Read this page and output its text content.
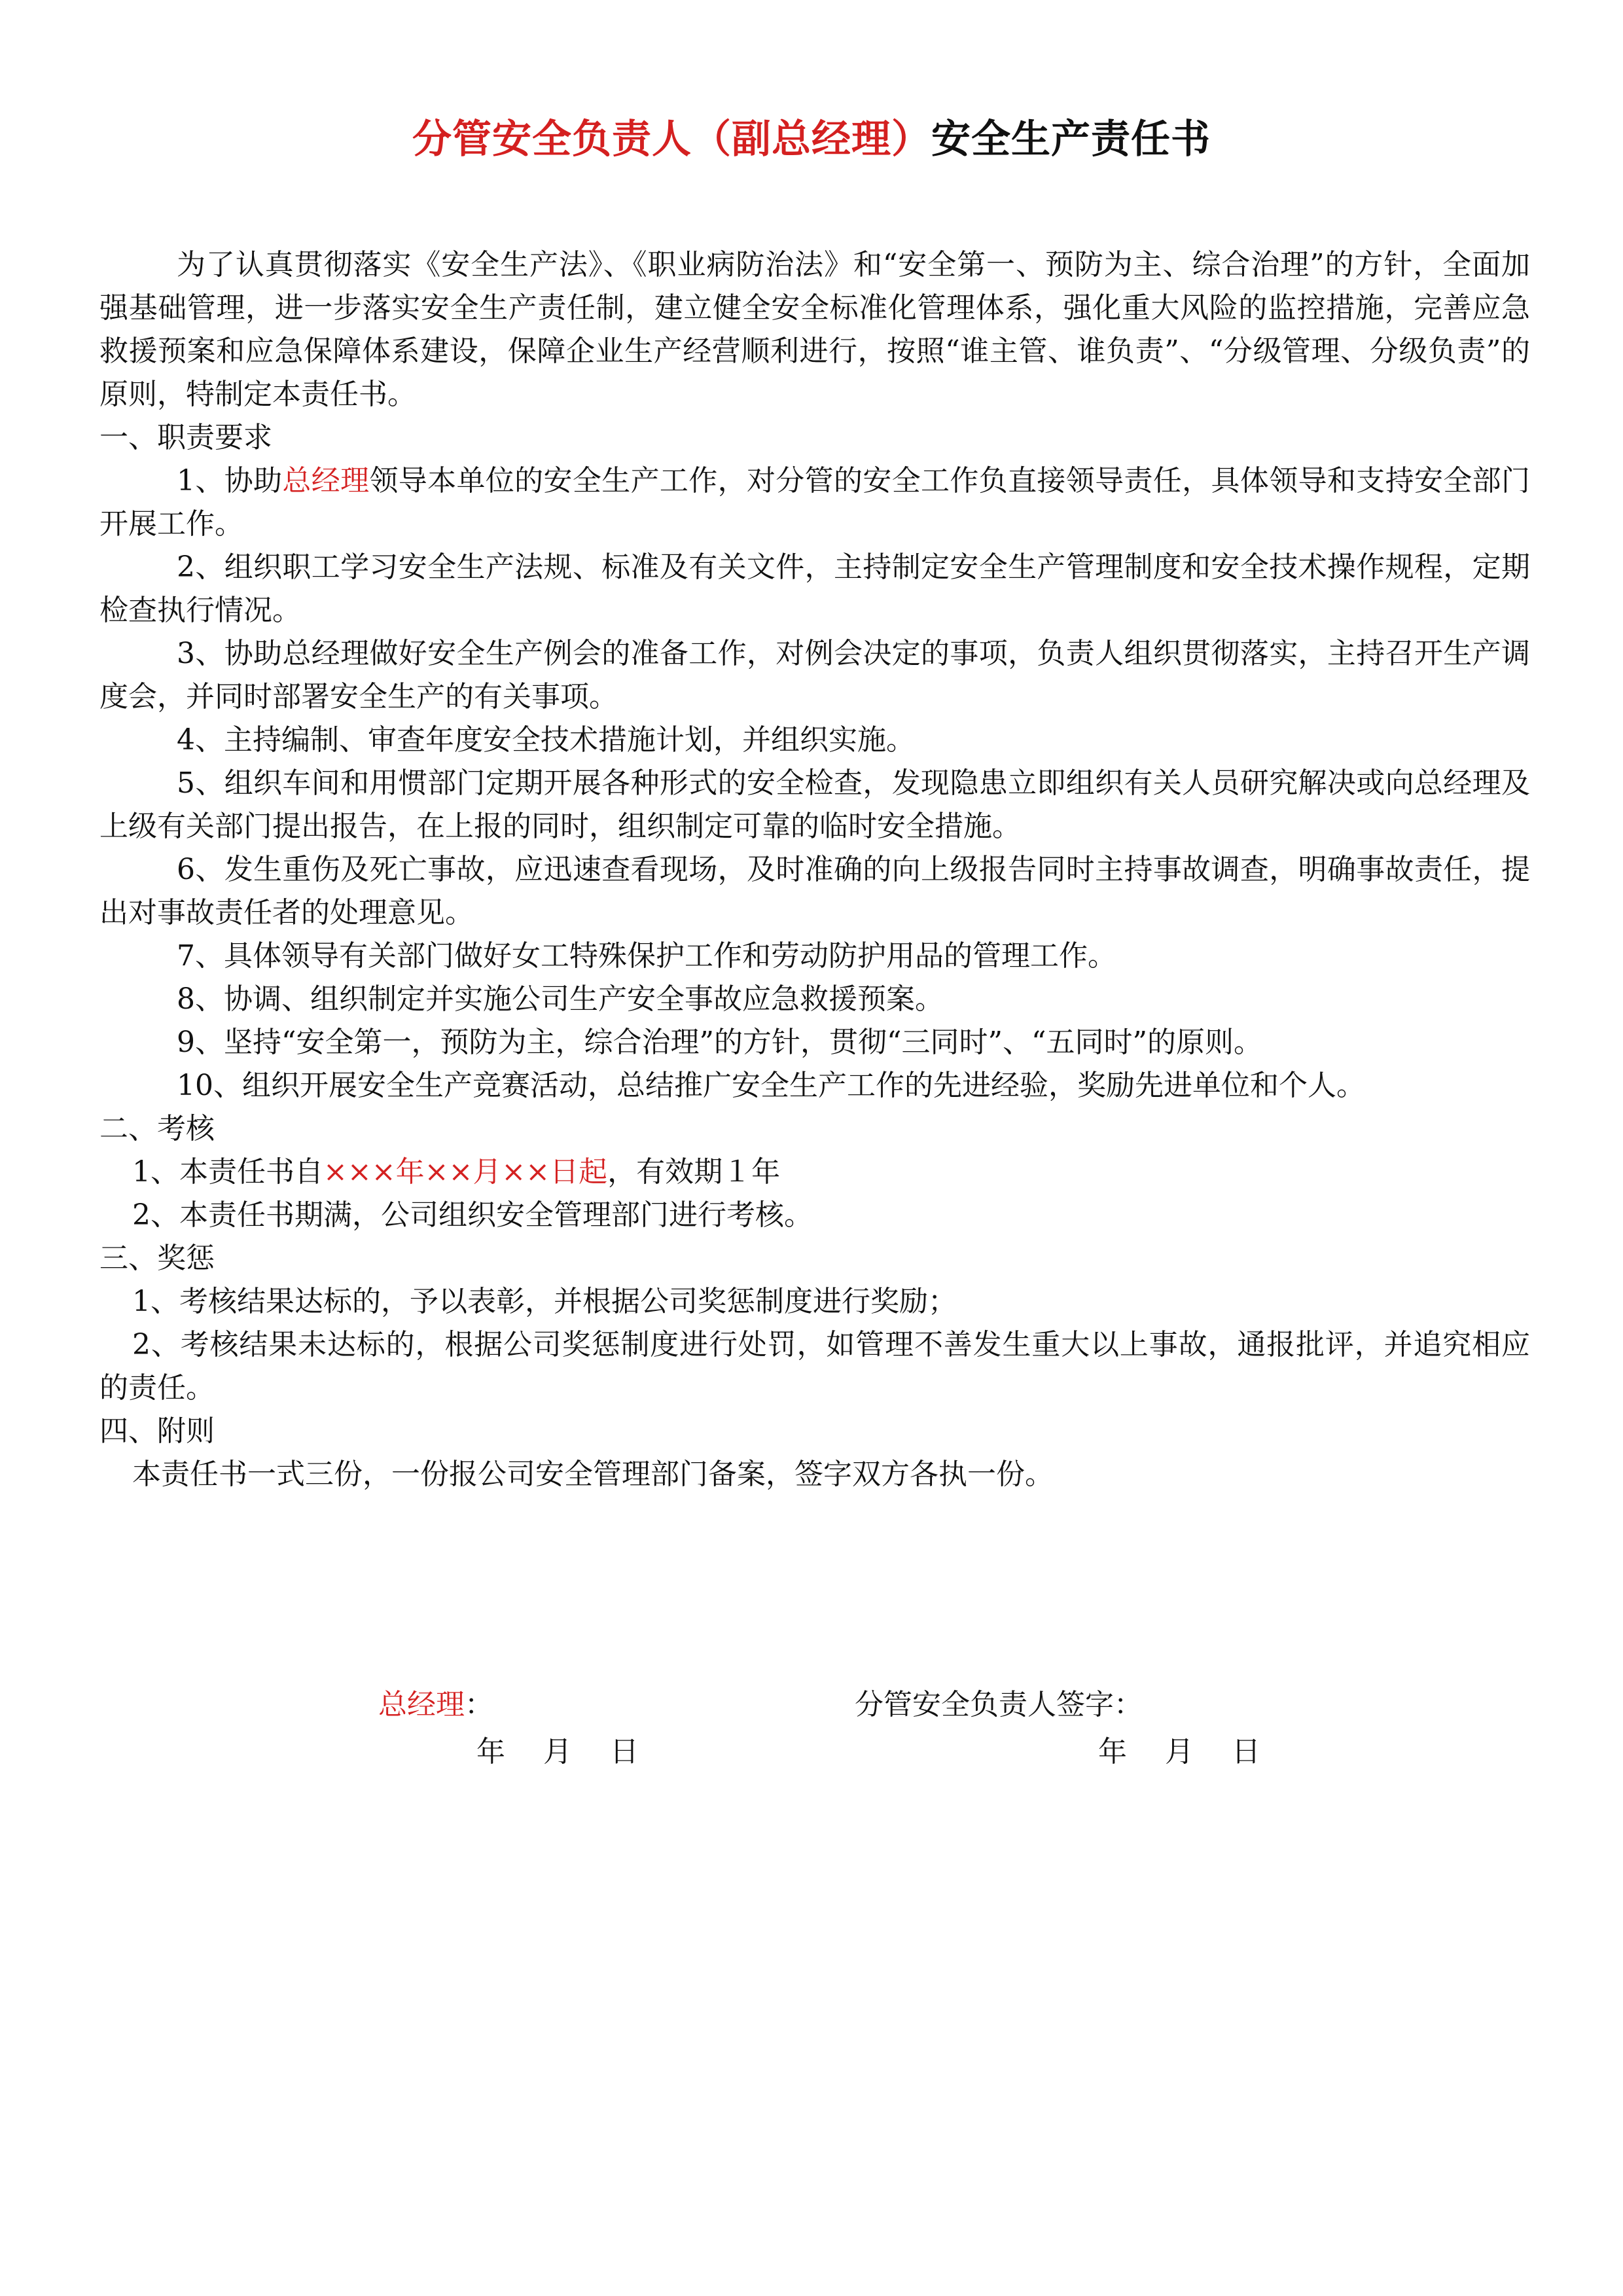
分管安全负责人（副总经理）安全生产责任书

为了认真贯彻落实《安全生产法》、《职业病防治法》和“安全第一、预防为主、综合治理”的方针，全面加强基础管理，进一步落实安全生产责任制，建立健全安全标准化管理体系，强化重大风险的监控措施，完善应急救援预案和应急保障体系建设，保障企业生产经营顺利进行，按照“谁主管、谁负责”、“分级管理、分级负责”的原则，特制定本责任书。

一、职责要求

1、协助总经理领导本单位的安全生产工作，对分管的安全工作负直接领导责任，具体领导和支持安全部门开展工作。

2、组织职工学习安全生产法规、标准及有关文件，主持制定安全生产管理制度和安全技术操作规程，定期检查执行情况。

3、协助总经理做好安全生产例会的准备工作，对例会决定的事项，负责人组织贯彻落实，主持召开生产调度会，并同时部署安全生产的有关事项。

4、主持编制、审查年度安全技术措施计划，并组织实施。

5、组织车间和用惯部门定期开展各种形式的安全检查，发现隐患立即组织有关人员研究解决或向总经理及上级有关部门提出报告，在上报的同时，组织制定可靠的临时安全措施。

6、发生重伤及死亡事故，应迅速查看现场，及时准确的向上级报告同时主持事故调查，明确事故责任，提出对事故责任者的处理意见。

7、具体领导有关部门做好女工特殊保护工作和劳动防护用品的管理工作。

8、协调、组织制定并实施公司生产安全事故应急救援预案。

9、坚持“安全第一，预防为主，综合治理”的方针，贯彻“三同时”、“五同时”的原则。

10、组织开展安全生产竞赛活动，总结推广安全生产工作的先进经验，奖励先进单位和个人。

二、考核

1、本责任书自×××年××月××日起，有效期１年

2、本责任书期满，公司组织安全管理部门进行考核。

三、奖惩

1、考核结果达标的，予以表彰，并根据公司奖惩制度进行奖励；

2、考核结果未达标的，根据公司奖惩制度进行处罚，如管理不善发生重大以上事故，通报批评，并追究相应的责任。

四、附则

本责任书一式三份，一份报公司安全管理部门备案，签字双方各执一份。

总经理：
年　 月　 日
分管安全负责人签字：
年　 月　 日
